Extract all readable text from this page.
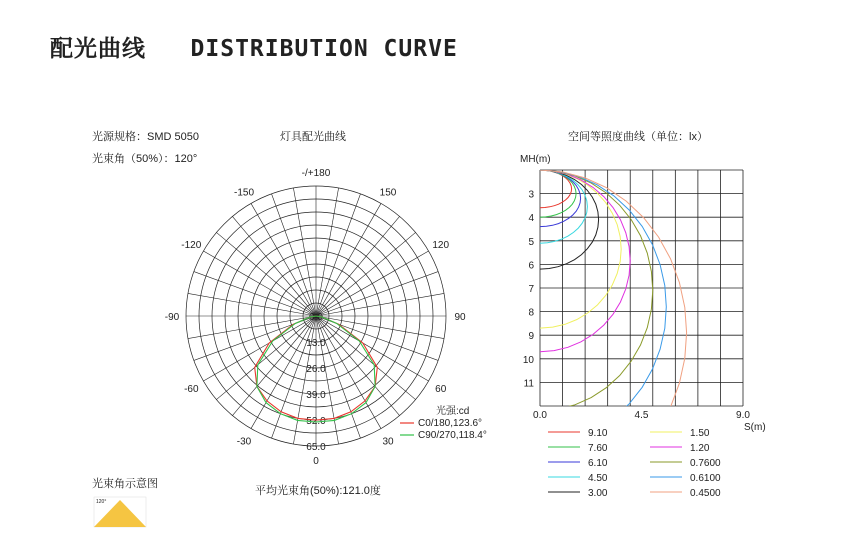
配光曲线   DISTRIBUTION CURVE
光源规格：SMD 5050
光束角（50%）：120°
灯具配光曲线	空间等照度曲线（单位：lx）
平均光束角(50%):121.0度
光束角示意图
-/+180
150
120
90
60
30
0
-30
-60
-90
-120
-150
0.0
13.0
26.0
39.0
52.0
65.0
光强:cd
C0/180,123.6°
C90/270,118.4°
MH(m)
S(m)
0.0	4.5	9.0
3
4
5
6
7
8
9
10
11
9.10
7.60
6.10
4.50
3.00
1.50
1.20
0.7600
0.6100
0.4500
120°
